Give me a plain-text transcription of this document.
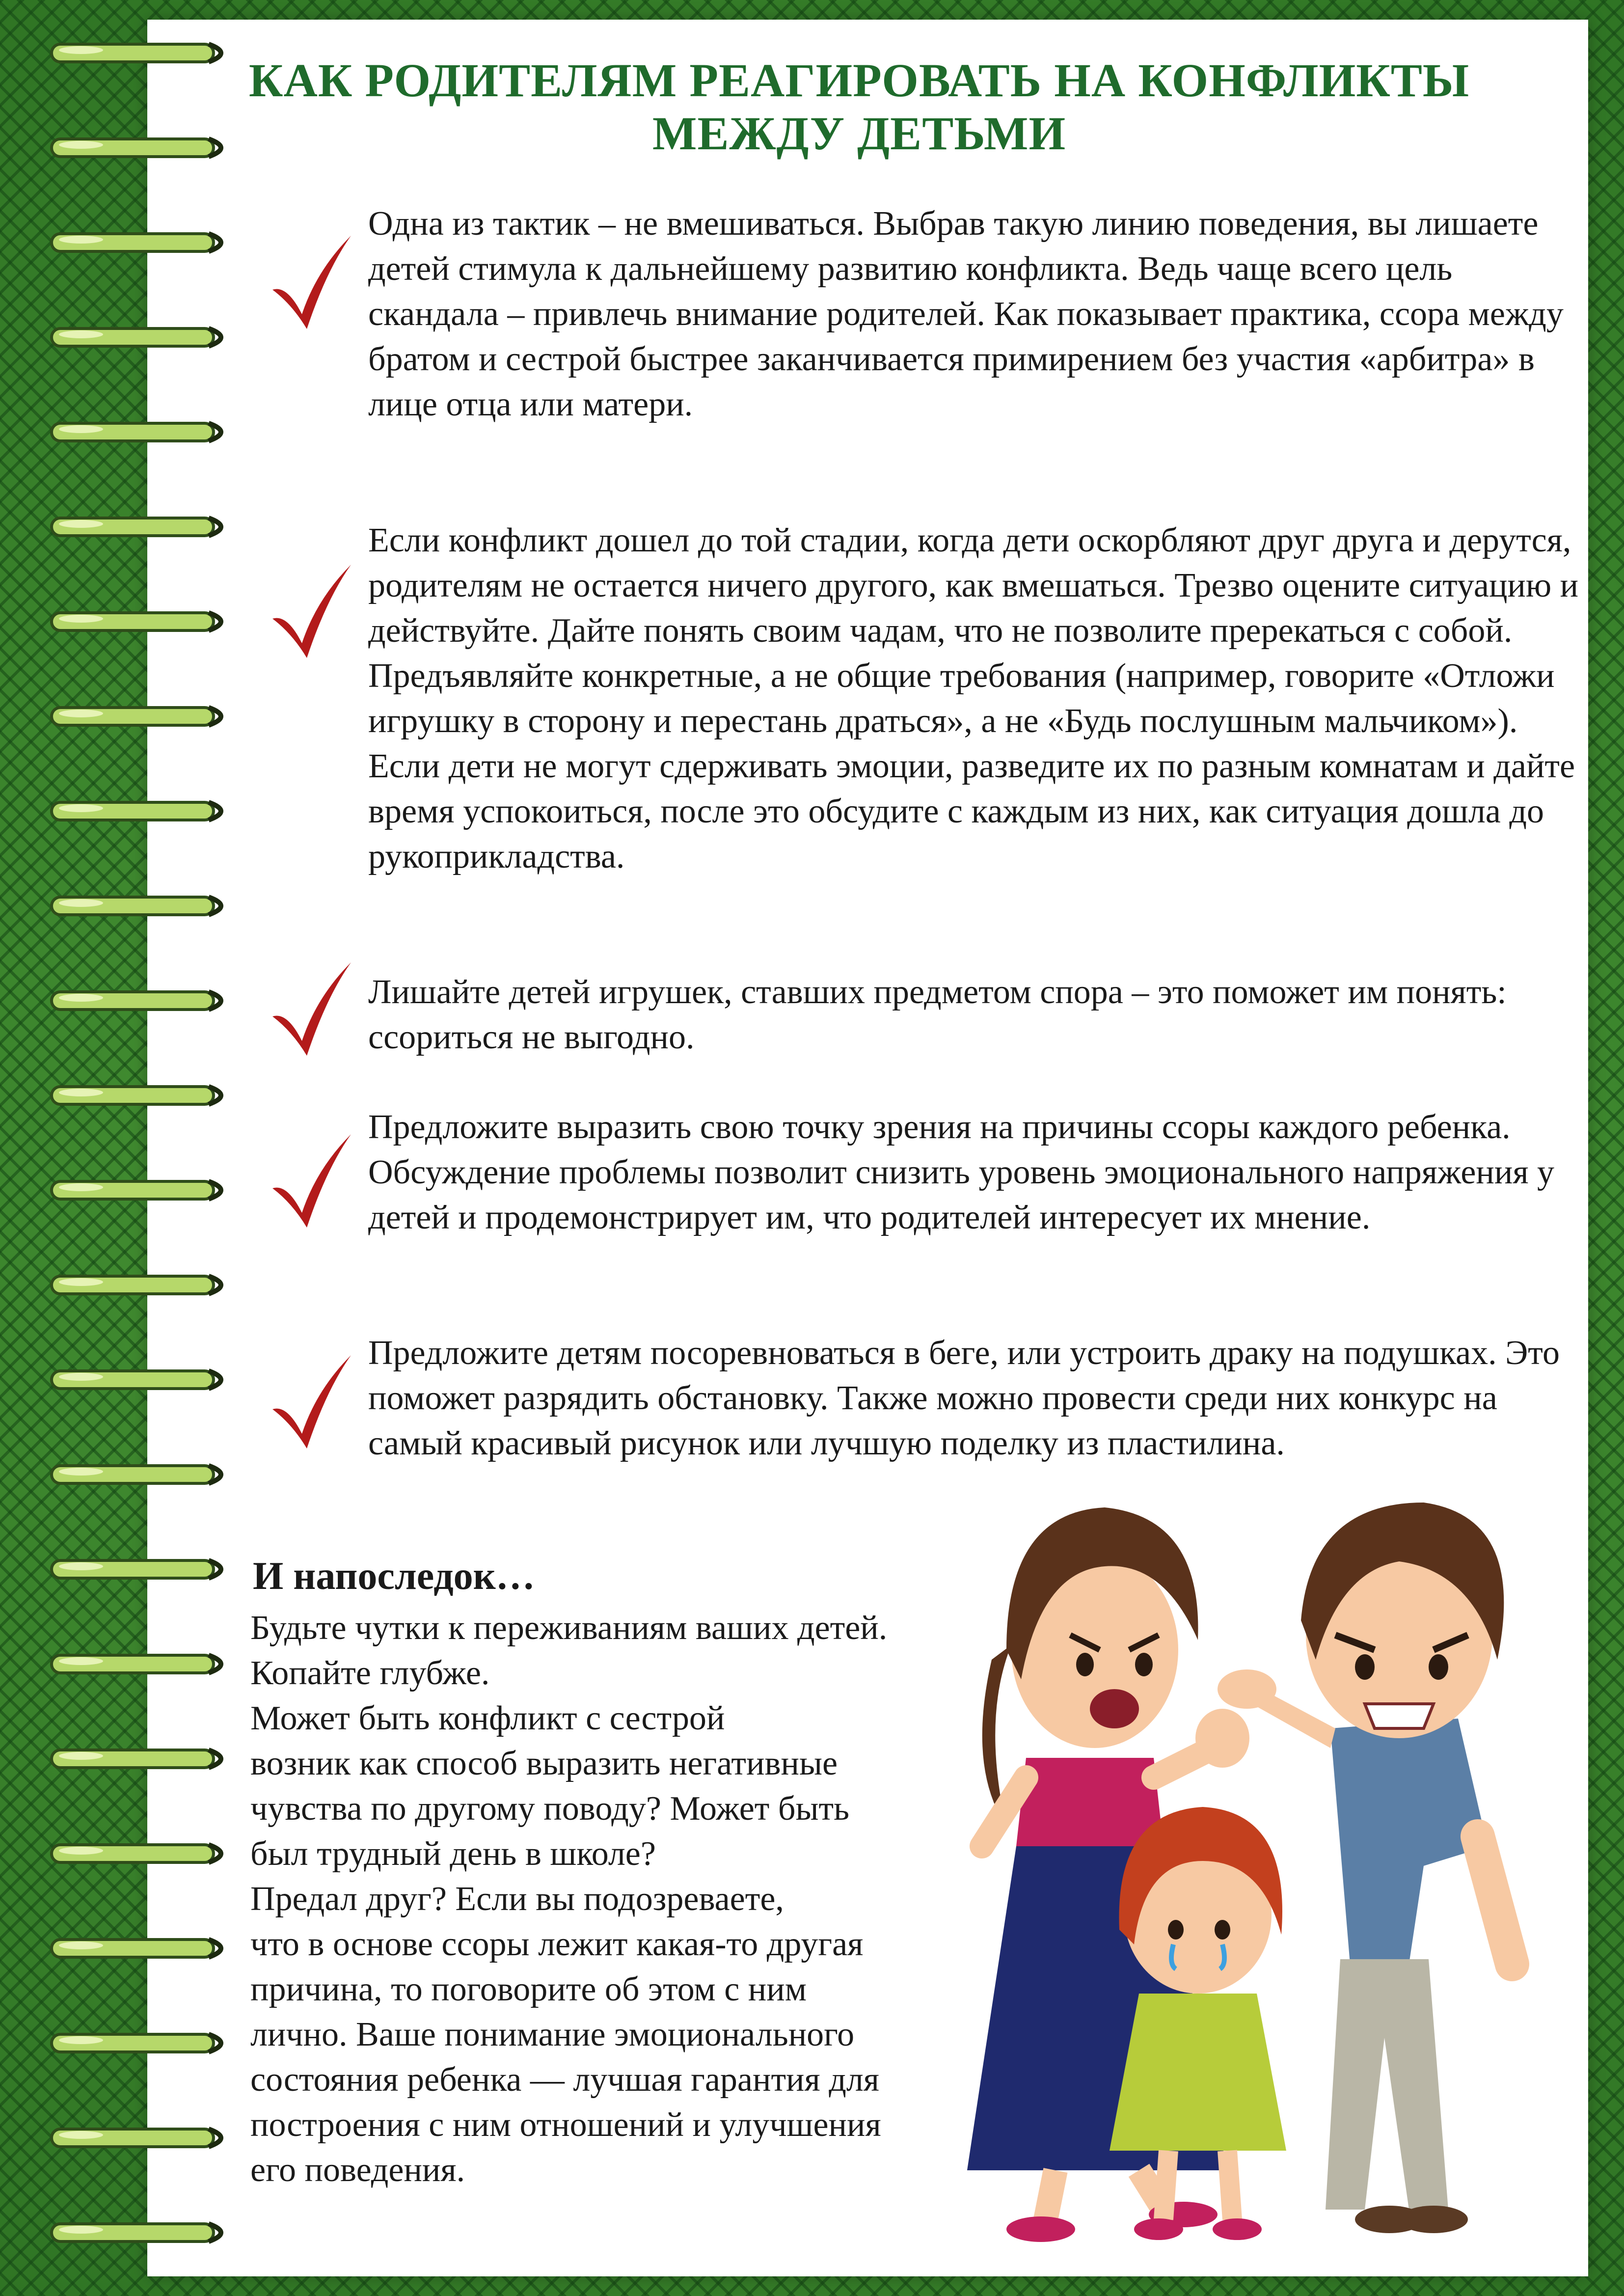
КАК РОДИТЕЛЯМ РЕАГИРОВАТЬ НА КОНФЛИКТЫ
МЕЖДУ ДЕТЬМИ

Одна из тактик – не вмешиваться. Выбрав такую линию поведения, вы лишаете детей стимула к дальнейшему развитию конфликта. Ведь чаще всего цель скандала – привлечь внимание родителей. Как показывает практика, ссора между братом и сестрой быстрее заканчивается примирением без участия «арбитра» в лице отца или матери.

Если конфликт дошел до той стадии, когда дети оскорбляют друг друга и дерутся, родителям не остается ничего другого, как вмешаться. Трезво оцените ситуацию и действуйте. Дайте понять своим чадам, что не позволите пререкаться с собой. Предъявляйте конкретные, а не общие требования (например, говорите «Отложи игрушку в сторону и перестань драться», а не «Будь послушным мальчиком»). Если дети не могут сдерживать эмоции, разведите их по разным комнатам и дайте время успокоиться, после это обсудите с каждым из них, как ситуация дошла до рукоприкладства.

Лишайте детей игрушек, ставших предметом спора – это поможет им понять: ссориться не выгодно.

Предложите выразить свою точку зрения на причины ссоры каждого ребенка. Обсуждение проблемы позволит снизить уровень эмоционального напряжения у детей и продемонстрирует им, что родителей интересует их мнение.

Предложите детям посоревноваться в беге, или устроить драку на подушках. Это поможет разрядить обстановку. Также можно провести среди них конкурс на самый красивый рисунок или лучшую поделку из пластилина.

И напоследок…

Будьте чутки к переживаниям ваших детей.
Копайте глубже.
Может быть конфликт с сестрой
возник как способ выразить негативные
чувства по другому поводу? Может быть
был трудный день в школе?
Предал друг? Если вы подозреваете,
что в основе ссоры лежит какая-то другая
причина, то поговорите об этом с ним
лично. Ваше понимание эмоционального
состояния ребенка — лучшая гарантия для
построения с ним отношений и улучшения
его поведения.
